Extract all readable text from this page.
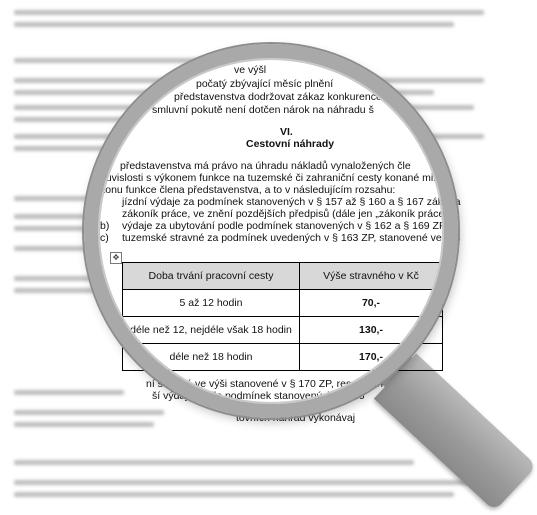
ve výšl
počatý zbývající měsíc plnění
představenstva dodržovat zákaz konkurence
smluvní pokutě není dotčen nárok na náhradu š
VI.
Cestovní náhrady
představenstva má právo na úhradu nákladů vynaložených čle
ouvislosti s výkonem funkce na tuzemské či zahraniční cesty konané mimo
konu funkce člena představenstva, a to v následujícím rozsahu:
jízdní výdaje za podmínek stanovených v § 157 až § 160 a § 167 zákona
zákoník práce, ve znění pozdějších předpisů (dále jen „zákoník práce“),
b) výdaje za ubytování podle podmínek stanovených v § 162 a § 169 ZP,
c) tuzemské stravné za podmínek uvedených v § 163 ZP, stanovené ve výš
✥
Doba trvání pracovní cesty	Výše stravného v Kč
5 až 12 hodin	70,-
déle než 12, nejdéle však 18 hodin	130,-
déle než 18 hodin	170,-
ní stravné ve výši stanovené v § 170 ZP, resp. v pří
ší výdaje podle podmínek stanovených v § 16
tovních náhrad vykonávaj
